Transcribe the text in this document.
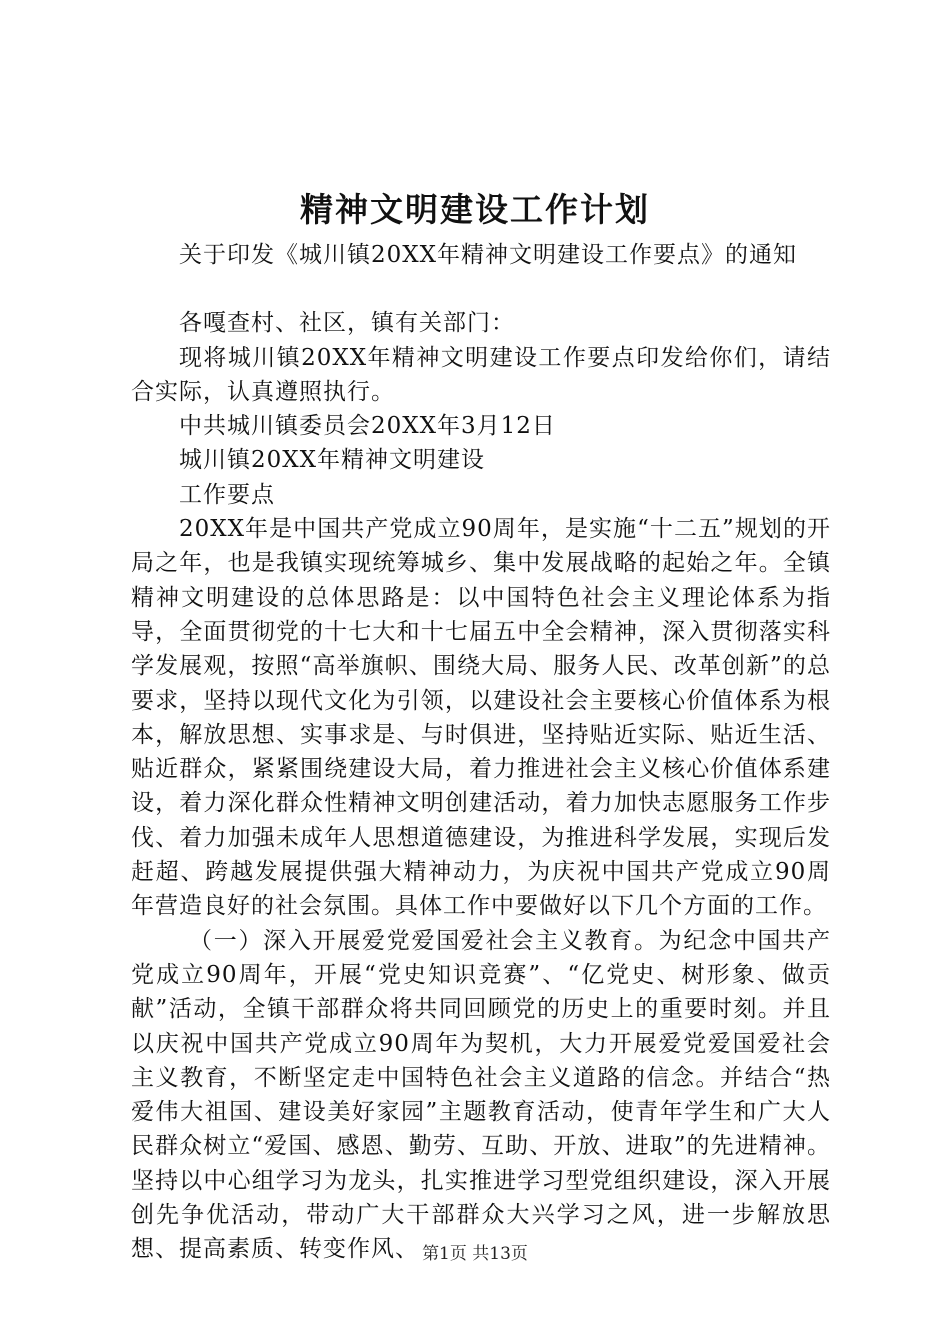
精神文明建设工作计划

关于印发《城川镇20XX年精神文明建设工作要点》的通知

各嘎查村、社区，镇有关部门：

现将城川镇20XX年精神文明建设工作要点印发给你们，请结合实际，认真遵照执行。

中共城川镇委员会20XX年3月12日

城川镇20XX年精神文明建设

工作要点

20XX年是中国共产党成立90周年，是实施“十二五”规划的开局之年，也是我镇实现统筹城乡、集中发展战略的起始之年。全镇精神文明建设的总体思路是：以中国特色社会主义理论体系为指导，全面贯彻党的十七大和十七届五中全会精神，深入贯彻落实科学发展观，按照“高举旗帜、围绕大局、服务人民、改革创新”的总要求，坚持以现代文化为引领，以建设社会主要核心价值体系为根本，解放思想、实事求是、与时俱进，坚持贴近实际、贴近生活、贴近群众，紧紧围绕建设大局，着力推进社会主义核心价值体系建设，着力深化群众性精神文明创建活动，着力加快志愿服务工作步伐、着力加强未成年人思想道德建设，为推进科学发展，实现后发赶超、跨越发展提供强大精神动力，为庆祝中国共产党成立90周年营造良好的社会氛围。具体工作中要做好以下几个方面的工作。

（一）深入开展爱党爱国爱社会主义教育。为纪念中国共产党成立90周年，开展“党史知识竞赛”、“亿党史、树形象、做贡献”活动，全镇干部群众将共同回顾党的历史上的重要时刻。并且以庆祝中国共产党成立90周年为契机，大力开展爱党爱国爱社会主义教育，不断坚定走中国特色社会主义道路的信念。并结合“热爱伟大祖国、建设美好家园”主题教育活动，使青年学生和广大人民群众树立“爱国、感恩、勤劳、互助、开放、进取”的先进精神。坚持以中心组学习为龙头，扎实推进学习型党组织建设，深入开展创先争优活动，带动广大干部群众大兴学习之风，进一步解放思想、提高素质、转变作风、 第1页 共13页
